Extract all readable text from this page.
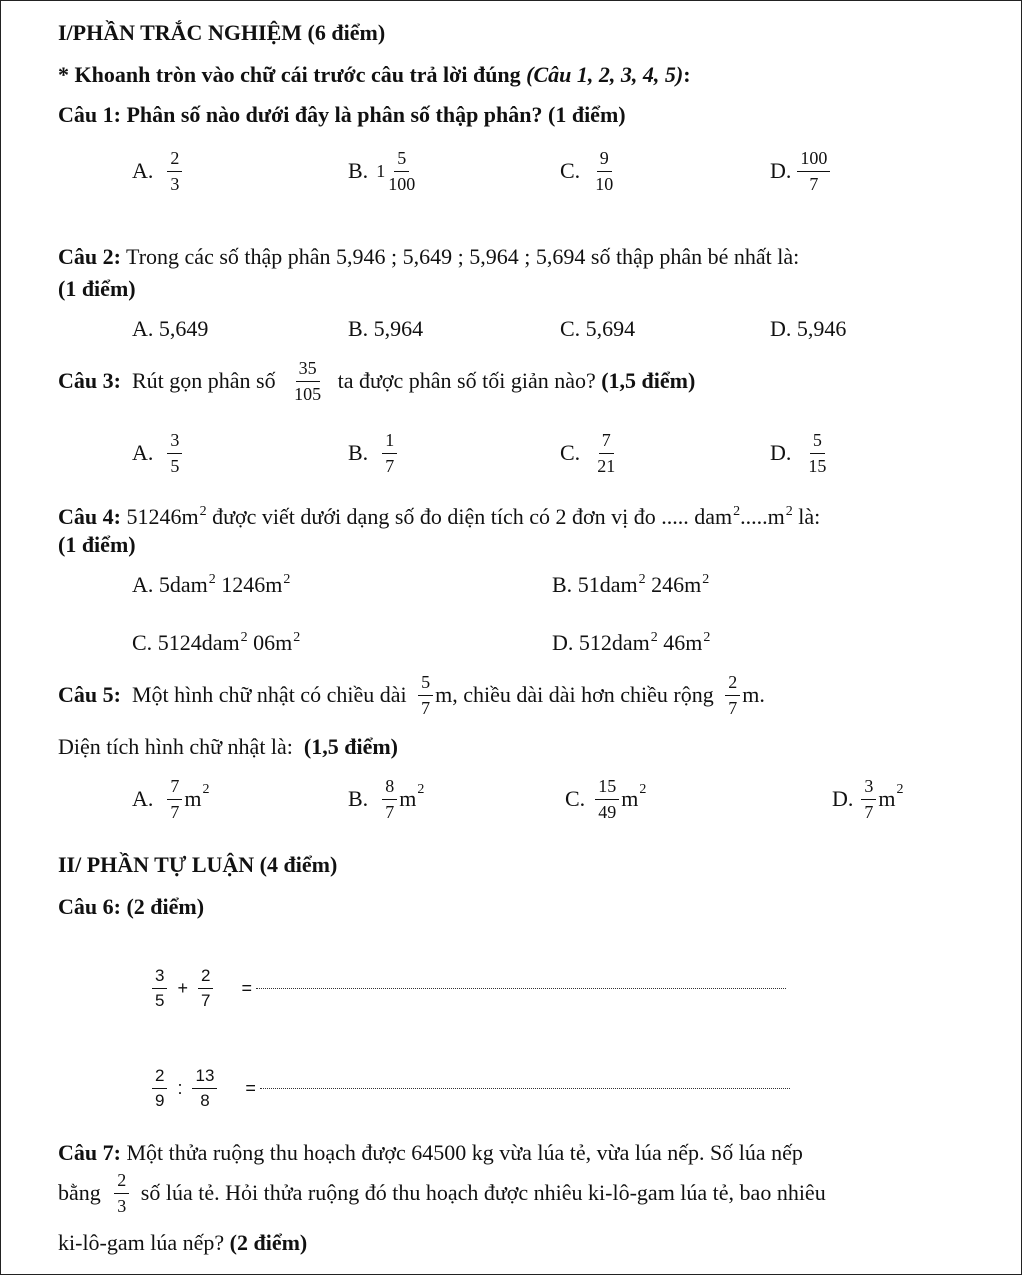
I/PHẦN TRẮC NGHIỆM (6 điểm)
* Khoanh tròn vào chữ cái trước câu trả lời đúng (Câu 1, 2, 3, 4, 5):
Câu 1: Phân số nào dưới đây là phân số thập phân? (1 điểm)
A. $\frac{2}{3}$	B. $1 \frac{5}{100}$	C. $\frac{9}{10}$	D. $\frac{100}{7}$
Câu 2: Trong các số thập phân 5,946 ; 5,649 ; 5,964 ; 5,694 số thập phân bé nhất là:
(1 điểm)
A. 5,649	B. 5,964	C. 5,694	D. 5,946
Câu 3: Rút gọn phân số $\frac{35}{105}$ ta được phân số tối giản nào? (1,5 điểm)
A. $\frac{3}{5}$	B. $\frac{1}{7}$	C. $\frac{7}{21}$	D. $\frac{5}{15}$
Câu 4: $51246m^2$ được viết dưới dạng số đo diện tích có 2 đơn vị đo ..... $dam^2.....m^2$ là:
(1 điểm)
A. 5dam$^2$ $1246m^2$	B. 51dam$^2$ $246m^2$
C. 5124dam$^2$ $06m^2$	D. 512dam$^2$ $46m^2$
Câu 5: Một hình chữ nhật có chiều dài $\frac{5}{7} m$, chiều dài dài hơn chiều rộng $\frac{2}{7} m$.
Diện tích hình chữ nhật là:  (1,5 điểm)
A. $\frac{7}{7}$ m 2	B. $\frac{8}{7}$ m 2	C. $\frac{15}{49}$ m 2	D. $\frac{3}{7}$ m 2
II/ PHẦN TỰ LUẬN (4 điểm)
Câu 6: (2 điểm)
$\frac{3}{5} + \frac{2}{7}$ =
$\frac{2}{9}$ : $\frac{13}{8}$ =
Câu 7: Một thửa ruộng thu hoạch được 64500 kg vừa lúa tẻ, vừa lúa nếp. Số lúa nếp
bằng $\frac{2}{3}$ số lúa tẻ. Hỏi thửa ruộng đó thu hoạch được nhiêu ki-lô-gam lúa tẻ, bao nhiêu
ki-lô-gam lúa nếp? (2 điểm)
